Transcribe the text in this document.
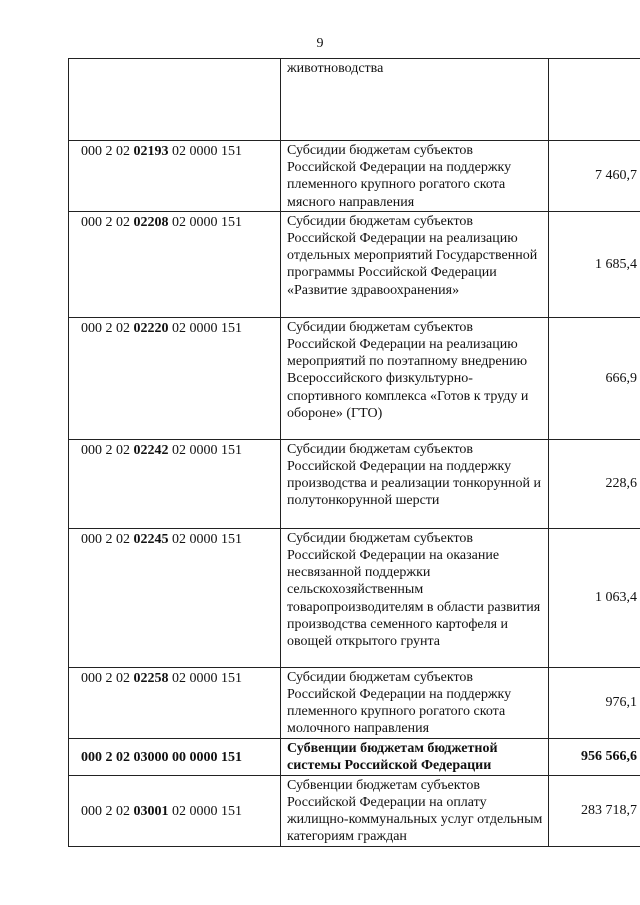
9
	животноводства	
000 2 02 02193 02 0000 151	Субсидии бюджетам субъектов Российской Федерации на поддержку племенного крупного рогатого скота мясного направления	7 460,7
000 2 02 02208 02 0000 151	Субсидии бюджетам субъектов Российской Федерации на реализацию отдельных мероприятий Государственной программы Российской Федерации «Развитие здравоохранения»	1 685,4
000 2 02 02220 02 0000 151	Субсидии бюджетам субъектов Российской Федерации на реализацию мероприятий по поэтапному внедрению Всероссийского физкультурно-спортивного комплекса «Готов к труду и обороне» (ГТО)	666,9
000 2 02 02242 02 0000 151	Субсидии бюджетам субъектов Российской Федерации на поддержку производства и реализации тонкорунной и полутонкорунной шерсти	228,6
000 2 02 02245 02 0000 151	Субсидии бюджетам субъектов Российской Федерации на оказание несвязанной поддержки сельскохозяйственным товаропроизводителям в области развития производства семенного картофеля и овощей открытого грунта	1 063,4
000 2 02 02258 02 0000 151	Субсидии бюджетам субъектов Российской Федерации на поддержку племенного крупного рогатого скота молочного направления	976,1
000 2 02 03000 00 0000 151	Субвенции бюджетам бюджетной системы Российской Федерации	956 566,6
000 2 02 03001 02 0000 151	Субвенции бюджетам субъектов Российской Федерации на оплату жилищно-коммунальных услуг отдельным категориям граждан	283 718,7
